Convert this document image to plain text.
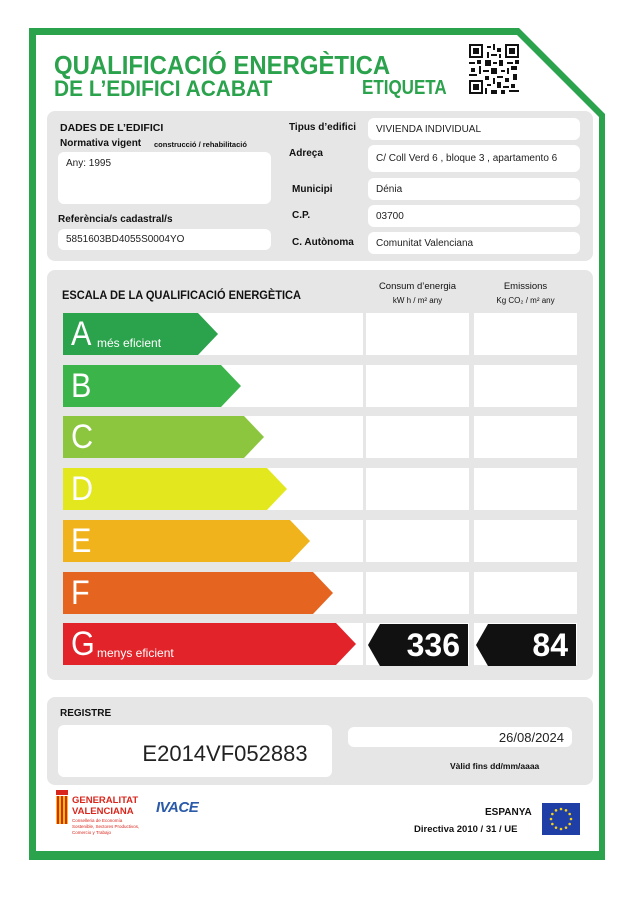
QUALIFICACIÓ ENERGÈTICA
DE L’EDIFICI ACABAT	ETIQUETA
DADES DE L’EDIFICI
Normativa vigent construcció / rehabilitació
Any: 1995
Referència/s cadastral/s
5851603BD4055S0004YO
Tipus d’edifici VIVIENDA INDIVIDUAL
Adreça	C/ Coll Verd 6 , bloque 3 , apartamento 6
Municipi	Dénia
C.P.	03700
C. Autònoma Comunitat Valenciana
ESCALA DE LA QUALIFICACIÓ ENERGÈTICA
Consum d’energia
kW h / m² any
Emissions
Kg CO₂ / m² any
A més eficient
B
C
D
E
F
G menys eficient	336 84
REGISTRE
E2014VF052883
26/08/2024
Vàlid fins dd/mm/aaaa
GENERALITAT
VALENCIANA
Conselleria de Economía
Sostenible, Sectores Productivos,
Comercio y Trabajo
IVACE	ESPANYA
Directiva 2010 / 31 / UE
